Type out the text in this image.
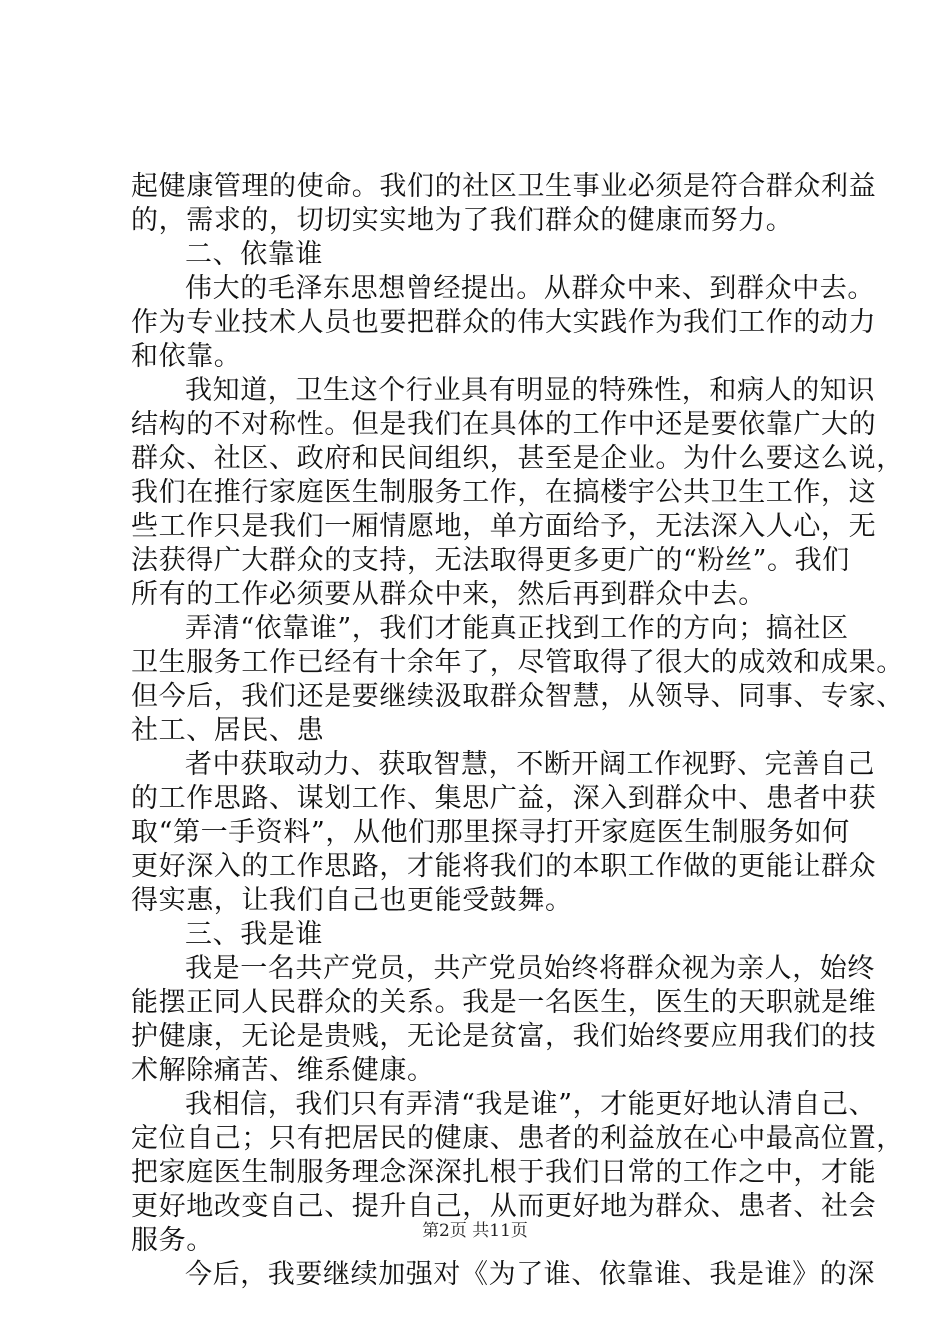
起健康管理的使命。我们的社区卫生事业必须是符合群众利益

的，需求的，切切实实地为了我们群众的健康而努力。

二、依靠谁

伟大的毛泽东思想曾经提出。从群众中来、到群众中去。

作为专业技术人员也要把群众的伟大实践作为我们工作的动力

和依靠。

我知道，卫生这个行业具有明显的特殊性，和病人的知识

结构的不对称性。但是我们在具体的工作中还是要依靠广大的

群众、社区、政府和民间组织，甚至是企业。为什么要这么说，

我们在推行家庭医生制服务工作，在搞楼宇公共卫生工作，这

些工作只是我们一厢情愿地，单方面给予，无法深入人心，无

法获得广大群众的支持，无法取得更多更广的“粉丝”。我们

所有的工作必须要从群众中来，然后再到群众中去。

弄清“依靠谁”，我们才能真正找到工作的方向；搞社区

卫生服务工作已经有十余年了，尽管取得了很大的成效和成果。

但今后，我们还是要继续汲取群众智慧，从领导、同事、专家、

社工、居民、患

者中获取动力、获取智慧，不断开阔工作视野、完善自己

的工作思路、谋划工作、集思广益，深入到群众中、患者中获

取“第一手资料”，从他们那里探寻打开家庭医生制服务如何

更好深入的工作思路，才能将我们的本职工作做的更能让群众

得实惠，让我们自己也更能受鼓舞。

三、我是谁

我是一名共产党员，共产党员始终将群众视为亲人，始终

能摆正同人民群众的关系。我是一名医生，医生的天职就是维

护健康，无论是贵贱，无论是贫富，我们始终要应用我们的技

术解除痛苦、维系健康。

我相信，我们只有弄清“我是谁”，才能更好地认清自己、

定位自己；只有把居民的健康、患者的利益放在心中最高位置，

把家庭医生制服务理念深深扎根于我们日常的工作之中，才能

更好地改变自己、提升自己，从而更好地为群众、患者、社会

服务。

今后，我要继续加强对《为了谁、依靠谁、我是谁》的深

第2页 共11页
